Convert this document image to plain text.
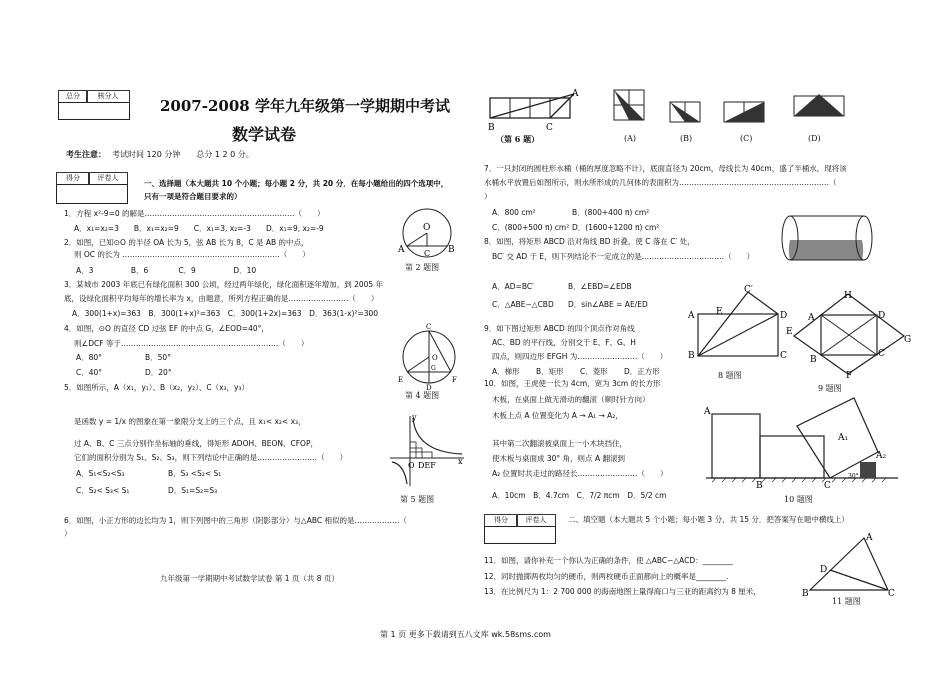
总分	核分人
2007-2008 学年九年级第一学期期中考试
数学试卷
考生注意： 考试时间 120 分钟　　总分 1 2 0 分。
得分	评卷人
一、选择题（本大题共 10 个小题；每小题 2 分，共 20 分．在每小题给出的四个选项中，
只有一项是符合题目要求的）
1．方程 x²-9=0 的解是……………………………………………………（　　）
A．x₁=x₂=3　　B．x₁=x₂=9　　C．x₁=3, x₂=-3　　D．x₁=9, x₂=-9
2．如图，已知⊙O 的半径 OA 长为 5，弦 AB 长为 8，C 是 AB 的中点，
则 OC 的长为 ………………………………………………………（　　）
A．3　　　　　B．6　　　　C．9　　　　　D．10
O
A	B
C
第 2 题图
3．某城市 2003 年底已有绿化面积 300 公顷，经过两年绿化，绿化面积逐年增加，到 2005 年
底，设绿化面积平均每年的增长率为 x，由题意，所列方程正确的是……………………（　　）
A．300(1+x)=363　B．300(1+x)²=363　C．300(1+2x)=363　D．363(1-x)²=300
4．如图，⊙O 的直径 CD 过弦 EF 的中点 G，∠EOD=40°，
则∠DCF 等于………………………………………………………（　　）
A．80°	B．50°
C．40°	D．20°
C
O
E	F
D
G
第 4 题图
5．如图所示，A（x₁，y₁）、B（x₂，y₂）、C（x₃，y₃）
是函数 y = 1/x 的图象在第一象限分支上的三个点，且 x₁< x₂< x₃，
过 A、B、C 三点分别作坐标轴的垂线，得矩形 ADOH、BEON、CFOP，
它们的面积分别为 S₁、S₂、S₃，则下列结论中正确的是……………………（　　）
A．S₁<S₂<S₃	B．S₃ <S₂< S₁
C．S₂< S₃< S₁	D．S₁=S₂=S₃
O DEF	x
y
第 5 题图
6．如图，小正方形的边长均为 1，则下列图中的三角形（阴影部分）与△ABC 相似的是………………（
）
九年级第一学期期中考试数学试卷 第 1 页（共 8 页）
A
B	C
（第 6 题）	(A)	(B)	(C)	(D)
7．一只封闭的圆柱形水桶（桶的厚度忽略不计），底面直径为 20cm，母线长为 40cm，盛了半桶水，现将该
水桶水平放置后如图所示，则水所形成的几何体的表面积为……………………………………………………（
）
A．800 cm²	B．(800+400 π) cm²
C．(800+500 π) cm² D．(1600+1200 π) cm²
8．如图，将矩形 ABCD 沿对角线 BD 折叠，使 C 落在 C′ 处，
BC′ 交 AD 于 E，则下列结论不一定成立的是……………………………（　　）
A．AD=BC′	B．∠EBD=∠EDB
C．△ABE∽△CBD D．sin∠ABE = AE/ED
A	D
B	C
C′
E
8 题图
9．如下图过矩形 ABCD 的四个顶点作对角线
AC、BD 的平行线，分别交于 E、F、G、H
四点，则四边形 EFGH 为……………………（　　）
A．梯形 B．矩形 C．菱形 D．正方形
H
G
E
B
A	D
C
F
9 题图
10．如图，王虎使一长为 4cm，宽为 3cm 的长方形
木板，在桌面上做无滑动的翻滚（顺时针方向）
木板上点 A 位置变化为 A → A₁ → A₂，
其中第二次翻滚被桌面上一小木块挡住，
使木板与桌面成 30° 角，则点 A 翻滚到
A₂ 位置时共走过的路径长……………………（　　）
A．10cm　B．4.7cm　C．7/2 πcm　D．5/2 cm
A
A₁
A₂
B	C
30°
10 题图
得分	评卷人	二、填空题（本大题共 5 个小题；每小题 3 分，共 15 分．把答案写在题中横线上）
11．如图，请你补充一个你认为正确的条件，使 △ABC∽△ACD：________
12．同时抛掷两枚均匀的硬币，则两枚硬币正面都向上的概率是________.
13．在比例尺为 1：2 700 000 的海南地图上量得海口与三亚的距离约为 8 厘米，
A
D
B	C
11 题图
第 1 页 更多下载请到五八文库 wk.58sms.com
